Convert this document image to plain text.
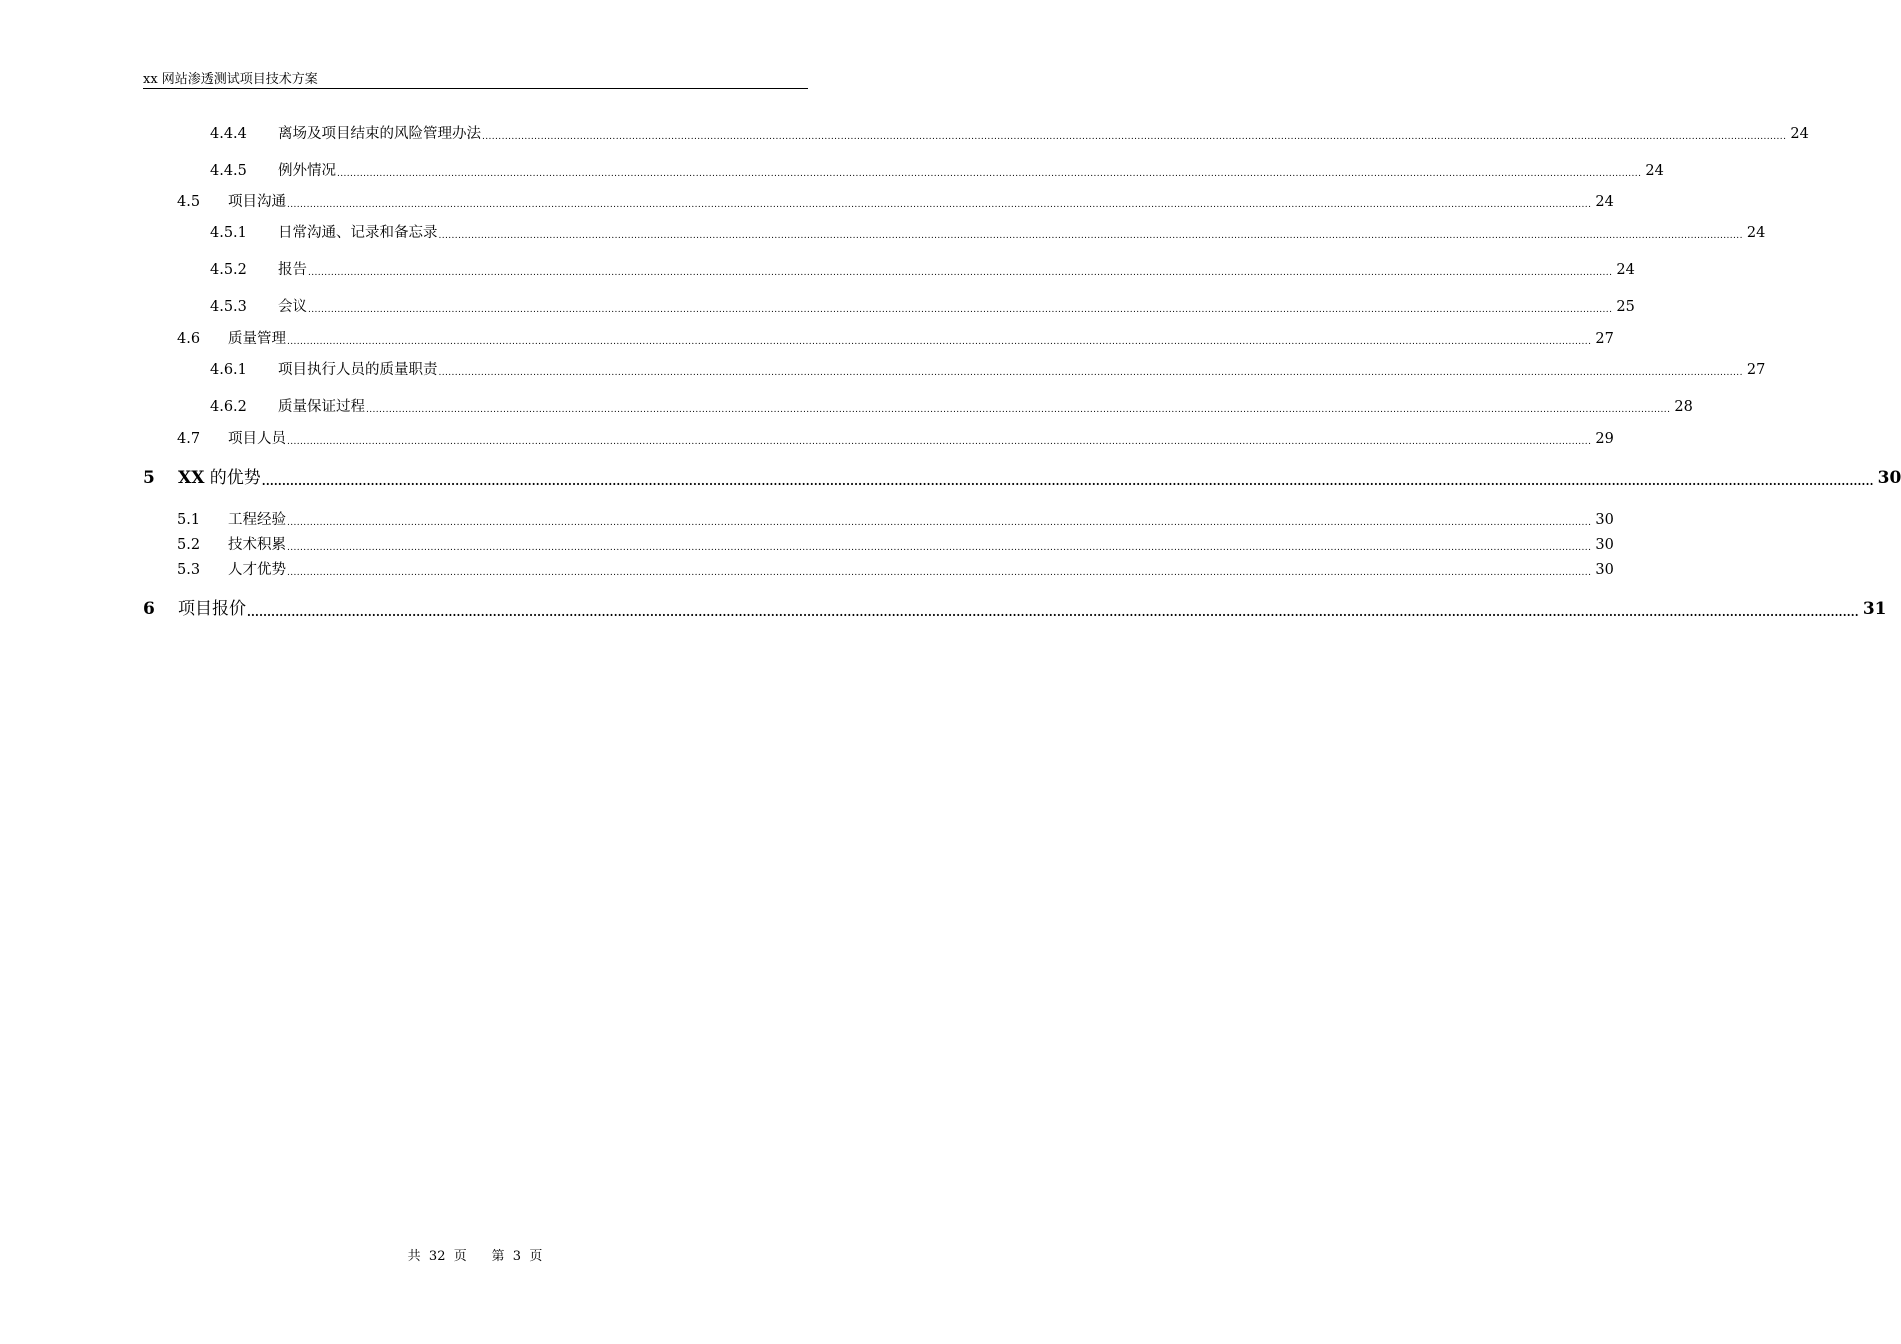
xx 网站渗透测试项目技术方案
4.4.4	离场及项目结束的风险管理办法 ................................................................................................................................................................................................................................................................................................................................................................................................................ 24
4.4.5	例外情况 ................................................................................................................................................................................................................................................................................................................................................................................................................ 24
4.5	项目沟通 ................................................................................................................................................................................................................................................................................................................................................................................................................ 24
4.5.1	日常沟通、记录和备忘录 ................................................................................................................................................................................................................................................................................................................................................................................................................ 24
4.5.2	报告 ................................................................................................................................................................................................................................................................................................................................................................................................................ 24
4.5.3	会议 ................................................................................................................................................................................................................................................................................................................................................................................................................ 25
4.6	质量管理 ................................................................................................................................................................................................................................................................................................................................................................................................................ 27
4.6.1	项目执行人员的质量职责 ................................................................................................................................................................................................................................................................................................................................................................................................................ 27
4.6.2	质量保证过程 ................................................................................................................................................................................................................................................................................................................................................................................................................ 28
4.7	项目人员 ................................................................................................................................................................................................................................................................................................................................................................................................................ 29
5	XX 的优势 ................................................................................................................................................................................................................................................................................................................................................................................................................ 30
5.1	工程经验 ................................................................................................................................................................................................................................................................................................................................................................................................................ 30
5.2	技术积累 ................................................................................................................................................................................................................................................................................................................................................................................................................ 30
5.3	人才优势 ................................................................................................................................................................................................................................................................................................................................................................................................................ 30
6	项目报价 ................................................................................................................................................................................................................................................................................................................................................................................................................ 31
共  32  页      第  3  页
